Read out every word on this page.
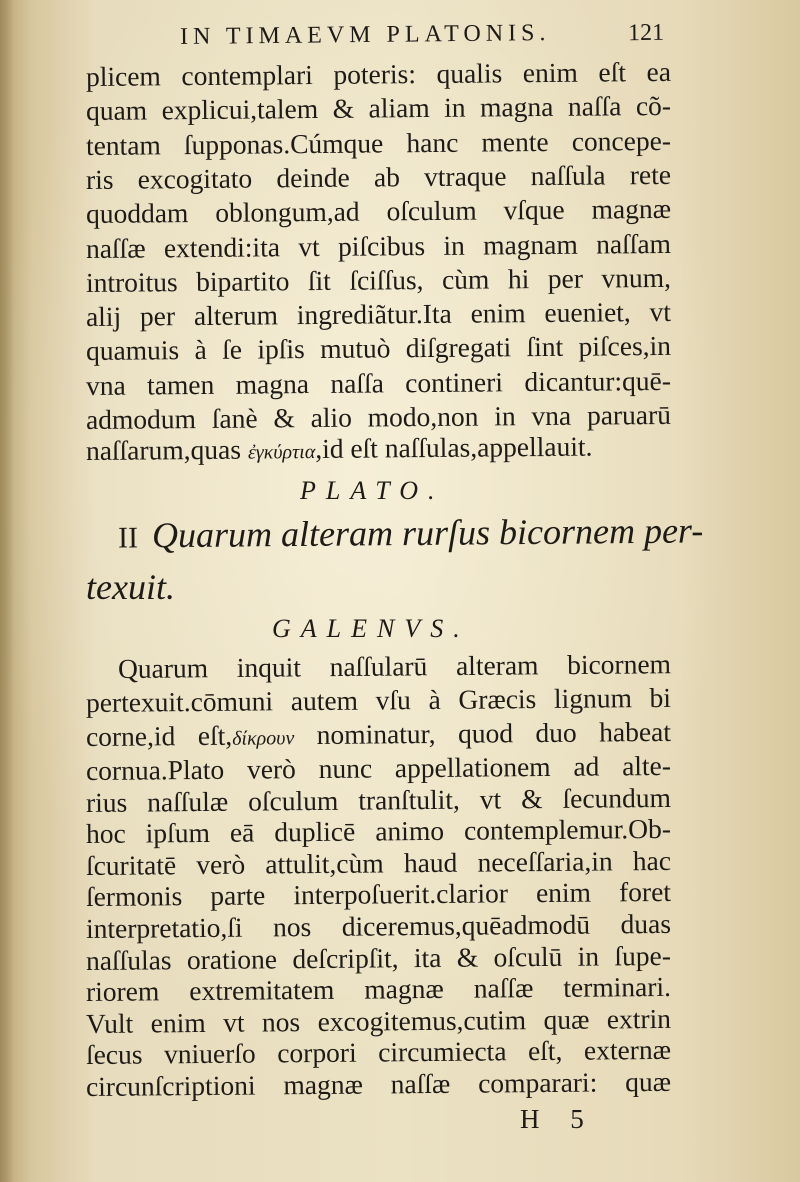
IN TIMAEVM PLATONIS.	121
plicem contemplari poteris: qualis enim eſt ea
quam explicui,talem & aliam in magna naſſa cõ-
tentam ſupponas.Cúmque hanc mente concepe-
ris excogitato deinde ab vtraque naſſula rete
quoddam oblongum,ad oſculum vſque magnæ
naſſæ extendi:ita vt piſcibus in magnam naſſam
introitus bipartito ſit ſciſſus, cùm hi per vnum,
alij per alterum ingrediãtur.Ita enim eueniet, vt
quamuis à ſe ipſis mutuò diſgregati ſint piſces,in
vna tamen magna naſſa contineri dicantur:quē-
admodum ſanè & alio modo,non in vna paruarū
naſſarum,quas ἐγκύρτια,id eſt naſſulas,appellauit.
PLATO.
II Quarum alteram rurſus bicornem per-
texuit.
GALENVS.
Quarum inquit naſſularū alteram bicornem
pertexuit.cōmuni autem vſu à Græcis lignum bi
corne,id eſt,δίκρουν nominatur, quod duo habeat
cornua.Plato verò nunc appellationem ad alte-
rius naſſulæ oſculum tranſtulit, vt & ſecundum
hoc ipſum eā duplicē animo contemplemur.Ob-
ſcuritatē verò attulit,cùm haud neceſſaria,in hac
ſermonis parte interpoſuerit.clarior enim foret
interpretatio,ſi nos diceremus,quēadmodū duas
naſſulas oratione deſcripſit, ita & oſculū in ſupe-
riorem extremitatem magnæ naſſæ terminari.
Vult enim vt nos excogitemus,cutim quæ extrin
ſecus vniuerſo corpori circumiecta eſt, externæ
circunſcriptioni magnæ naſſæ comparari: quæ
H 5
